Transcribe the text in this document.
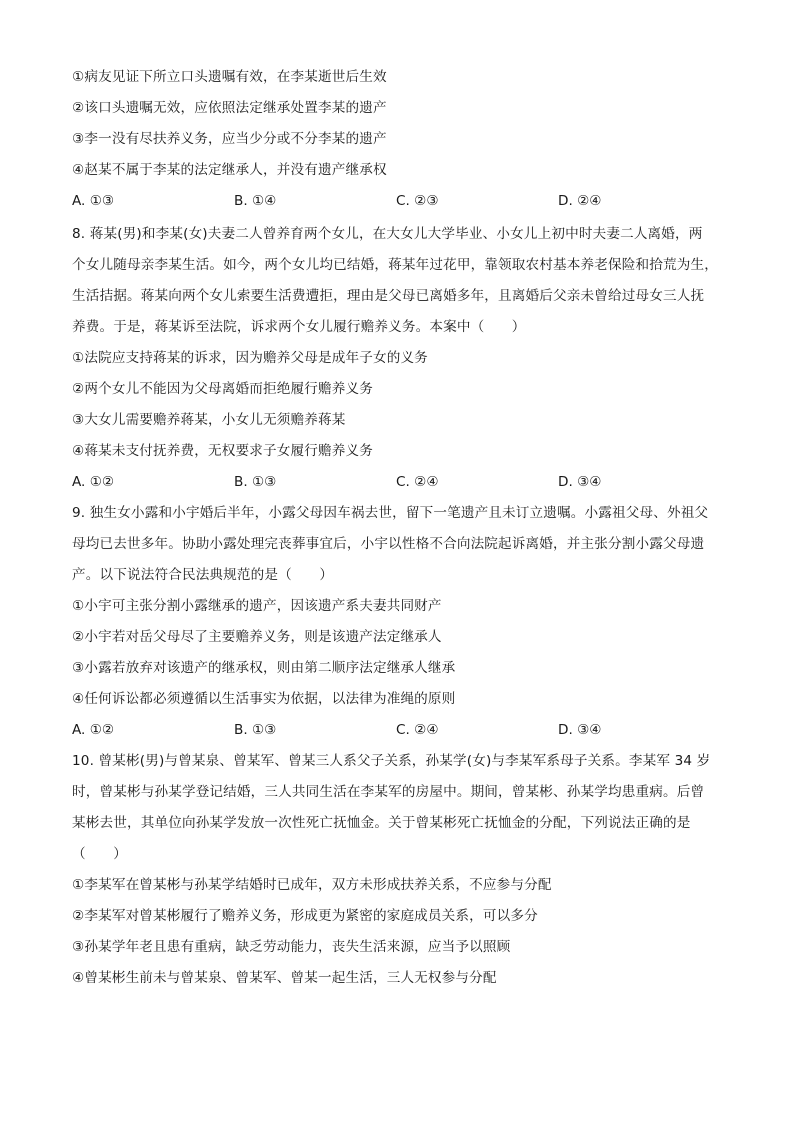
①病友见证下所立口头遗嘱有效，在李某逝世后生效
②该口头遗嘱无效，应依照法定继承处置李某的遗产
③李一没有尽扶养义务，应当少分或不分李某的遗产
④赵某不属于李某的法定继承人，并没有遗产继承权
A. ①③	B. ①④	C. ②③	D. ②④
8. 蒋某(男)和李某(女)夫妻二人曾养育两个女儿，在大女儿大学毕业、小女儿上初中时夫妻二人离婚，两
个女儿随母亲李某生活。如今，两个女儿均已结婚，蒋某年过花甲，靠领取农村基本养老保险和拾荒为生，
生活拮据。蒋某向两个女儿索要生活费遭拒，理由是父母已离婚多年，且离婚后父亲未曾给过母女三人抚
养费。于是，蒋某诉至法院，诉求两个女儿履行赡养义务。本案中（　　）
①法院应支持蒋某的诉求，因为赡养父母是成年子女的义务
②两个女儿不能因为父母离婚而拒绝履行赡养义务
③大女儿需要赡养蒋某，小女儿无须赡养蒋某
④蒋某未支付抚养费，无权要求子女履行赡养义务
A. ①②	B. ①③	C. ②④	D. ③④
9. 独生女小露和小宇婚后半年，小露父母因车祸去世，留下一笔遗产且未订立遗嘱。小露祖父母、外祖父
母均已去世多年。协助小露处理完丧葬事宜后，小宇以性格不合向法院起诉离婚，并主张分割小露父母遗
产。以下说法符合民法典规范的是（　　）
①小宇可主张分割小露继承的遗产，因该遗产系夫妻共同财产
②小宇若对岳父母尽了主要赡养义务，则是该遗产法定继承人
③小露若放弃对该遗产的继承权，则由第二顺序法定继承人继承
④任何诉讼都必须遵循以生活事实为依据，以法律为准绳的原则
A. ①②	B. ①③	C. ②④	D. ③④
10. 曾某彬(男)与曾某泉、曾某军、曾某三人系父子关系，孙某学(女)与李某军系母子关系。李某军 34 岁
时，曾某彬与孙某学登记结婚，三人共同生活在李某军的房屋中。期间，曾某彬、孙某学均患重病。后曾
某彬去世，其单位向孙某学发放一次性死亡抚恤金。关于曾某彬死亡抚恤金的分配，下列说法正确的是
（　　）
①李某军在曾某彬与孙某学结婚时已成年，双方未形成扶养关系，不应参与分配
②李某军对曾某彬履行了赡养义务，形成更为紧密的家庭成员关系，可以多分
③孙某学年老且患有重病，缺乏劳动能力，丧失生活来源，应当予以照顾
④曾某彬生前未与曾某泉、曾某军、曾某一起生活，三人无权参与分配
